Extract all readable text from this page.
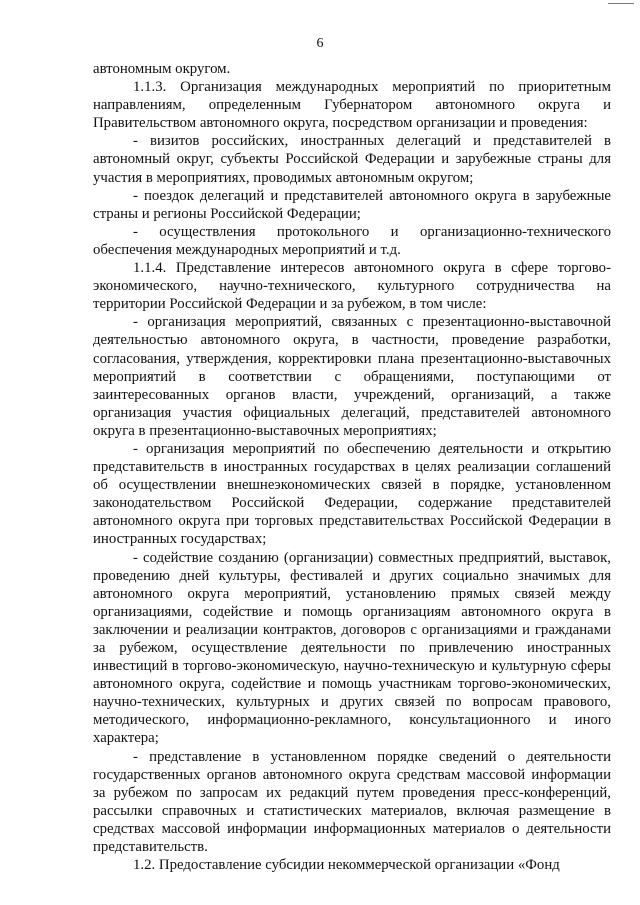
6

автономным округом.

1.1.3. Организация международных мероприятий по приоритетным направлениям, определенным Губернатором автономного округа и Правительством автономного округа, посредством организации и проведения:

- визитов российских, иностранных делегаций и представителей в автономный округ, субъекты Российской Федерации и зарубежные страны для участия в мероприятиях, проводимых автономным округом;

- поездок делегаций и представителей автономного округа в зарубежные страны и регионы Российской Федерации;

- осуществления протокольного и организационно-технического обеспечения международных мероприятий и т.д.

1.1.4. Представление интересов автономного округа в сфере торгово-экономического, научно-технического, культурного сотрудничества на территории Российской Федерации и за рубежом, в том числе:

- организация мероприятий, связанных с презентационно-выставочной деятельностью автономного округа, в частности, проведение разработки, согласования, утверждения, корректировки плана презентационно-выставочных мероприятий в соответствии с обращениями, поступающими от заинтересованных органов власти, учреждений, организаций, а также организация участия официальных делегаций, представителей автономного округа в презентационно-выставочных мероприятиях;

- организация мероприятий по обеспечению деятельности и открытию представительств в иностранных государствах в целях реализации соглашений об осуществлении внешнеэкономических связей в порядке, установленном законодательством Российской Федерации, содержание представителей автономного округа при торговых представительствах Российской Федерации в иностранных государствах;

- содействие созданию (организации) совместных предприятий, выставок, проведению дней культуры, фестивалей и других социально значимых для автономного округа мероприятий, установлению прямых связей между организациями, содействие и помощь организациям автономного округа в заключении и реализации контрактов, договоров с организациями и гражданами за рубежом, осуществление деятельности по привлечению иностранных инвестиций в торгово-экономическую, научно-техническую и культурную сферы автономного округа, содействие и помощь участникам торгово-экономических, научно-технических, культурных и других связей по вопросам правового, методического, информационно-рекламного, консультационного и иного характера;

- представление в установленном порядке сведений о деятельности государственных органов автономного округа средствам массовой информации за рубежом по запросам их редакций путем проведения пресс-конференций, рассылки справочных и статистических материалов, включая размещение в средствах массовой информации информационных материалов о деятельности представительств.

1.2. Предоставление субсидии некоммерческой организации «Фонд
